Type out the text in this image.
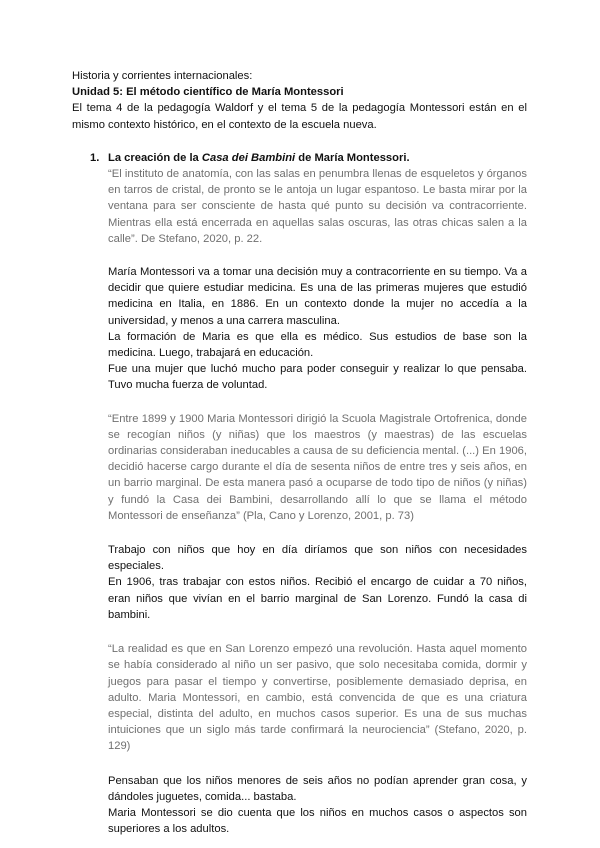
Historia y corrientes internacionales:

Unidad 5: El método científico de María Montessori

El tema 4 de la pedagogía Waldorf y el tema 5 de la pedagogía Montessori están en el mismo contexto histórico, en el contexto de la escuela nueva.

1. La creación de la Casa dei Bambini de María Montessori.

“El instituto de anatomía, con las salas en penumbra llenas de esqueletos y órganos en tarros de cristal, de pronto se le antoja un lugar espantoso. Le basta mirar por la ventana para ser consciente de hasta qué punto su decisión va contracorriente. Mientras ella está encerrada en aquellas salas oscuras, las otras chicas salen a la calle”. De Stefano, 2020, p. 22.

María Montessori va a tomar una decisión muy a contracorriente en su tiempo. Va a decidir que quiere estudiar medicina. Es una de las primeras mujeres que estudió medicina en Italia, en 1886. En un contexto donde la mujer no accedía a la universidad, y menos a una carrera masculina.

La formación de Maria es que ella es médico. Sus estudios de base son la medicina. Luego, trabajará en educación.

Fue una mujer que luchó mucho para poder conseguir y realizar lo que pensaba. Tuvo mucha fuerza de voluntad.

“Entre 1899 y 1900 Maria Montessori dirigió la Scuola Magistrale Ortofrenica, donde se recogían niños (y niñas) que los maestros (y maestras) de las escuelas ordinarias consideraban ineducables a causa de su deficiencia mental. (...) En 1906, decidió hacerse cargo durante el día de sesenta niños de entre tres y seis años, en un barrio marginal. De esta manera pasó a ocuparse de todo tipo de niños (y niñas) y fundó la Casa dei Bambini, desarrollando allí lo que se llama el método Montessori de enseñanza” (Pla, Cano y Lorenzo, 2001, p. 73)

Trabajo con niños que hoy en día diríamos que son niños con necesidades especiales.

En 1906, tras trabajar con estos niños. Recibió el encargo de cuidar a 70 niños, eran niños que vivían en el barrio marginal de San Lorenzo. Fundó la casa di bambini.

“La realidad es que en San Lorenzo empezó una revolución. Hasta aquel momento se había considerado al niño un ser pasivo, que solo necesitaba comida, dormir y juegos para pasar el tiempo y convertirse, posiblemente demasiado deprisa, en adulto. Maria Montessori, en cambio, está convencida de que es una criatura especial, distinta del adulto, en muchos casos superior. Es una de sus muchas intuiciones que un siglo más tarde confirmará la neurociencia” (Stefano, 2020, p. 129)

Pensaban que los niños menores de seis años no podían aprender gran cosa, y dándoles juguetes, comida... bastaba.

Maria Montessori se dio cuenta que los niños en muchos casos o aspectos son superiores a los adultos.
